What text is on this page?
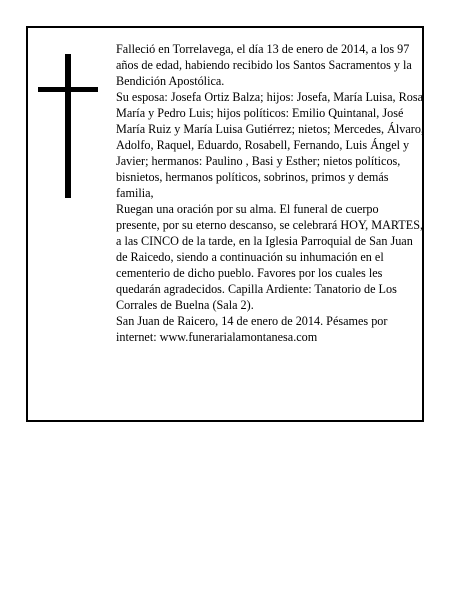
Falleció en Torrelavega, el día 13 de enero de 2014, a los 97 años de edad, habiendo recibido los Santos Sacramentos y la Bendición Apostólica.

Su esposa: Josefa Ortiz Balza; hijos: Josefa, María Luisa, Rosa María y Pedro Luis; hijos políticos: Emilio Quintanal, José María Ruiz y María Luisa Gutiérrez; nietos; Mercedes, Álvaro, Adolfo, Raquel, Eduardo, Rosabell, Fernando, Luis Ángel y Javier; hermanos: Paulino , Basi y Esther; nietos políticos, bisnietos, hermanos políticos, sobrinos, primos y demás familia,

Ruegan una oración por su alma. El funeral de cuerpo presente, por su eterno descanso, se celebrará HOY, MARTES, a las CINCO de la tarde, en la Iglesia Parroquial de San Juan de Raicedo, siendo a continuación su inhumación en el cementerio de dicho pueblo. Favores por los cuales les quedarán agradecidos. Capilla Ardiente: Tanatorio de Los Corrales de Buelna (Sala 2).

San Juan de Raicero, 14 de enero de 2014. Pésames por internet: www.funerarialamontanesa.com
